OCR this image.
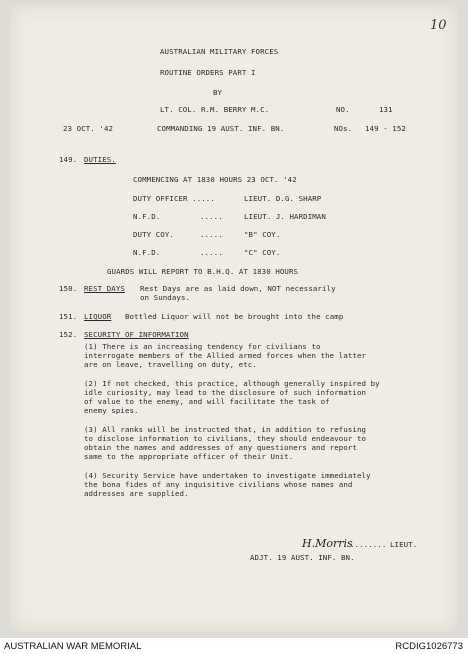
10
AUSTRALIAN MILITARY FORCES
ROUTINE ORDERS PART I
BY
LT. COL. R.M. BERRY M.C.	NO.	131
23 OCT. '42	COMMANDING 19 AUST. INF. BN.	NOs. 149 - 152
149. DUTIES.
COMMENCING AT 1830 HOURS 23 OCT. '42
DUTY OFFICER .....	LIEUT. D.G. SHARP
N.F.D.	.....	LIEUT. J. HARDIMAN
DUTY COY.	.....	"B" COY.
N.F.D.	.....	"C" COY.
GUARDS WILL REPORT TO B.H.Q. AT 1830 HOURS
150. REST DAYS Rest Days are as laid down, NOT necessarily
on Sundays.
151. LIQUOR Bottled Liquor will not be brought into the camp
152. SECURITY OF INFORMATION
(1) There is an increasing tendency for civilians to
interrogate members of the Allied armed forces when the latter
are on leave, travelling on duty, etc.
(2) If not checked, this practice, although generally inspired by
idle curiosity, may lead to the disclosure of such information
of value to the enemy, and will facilitate the task of
enemy spies.
(3) All ranks will be instructed that, in addition to refusing
to disclose information to civilians, they should endeavour to
obtain the names and addresses of any questioners and report
same to the appropriate officer of their Unit.
(4) Security Service have undertaken to investigate immediately
the bona fides of any inquisitive civilians whose names and
addresses are supplied.
H.Morris
........ LIEUT.
ADJT. 19 AUST. INF. BN.
AUSTRALIAN WAR MEMORIAL	RCDIG1026773
